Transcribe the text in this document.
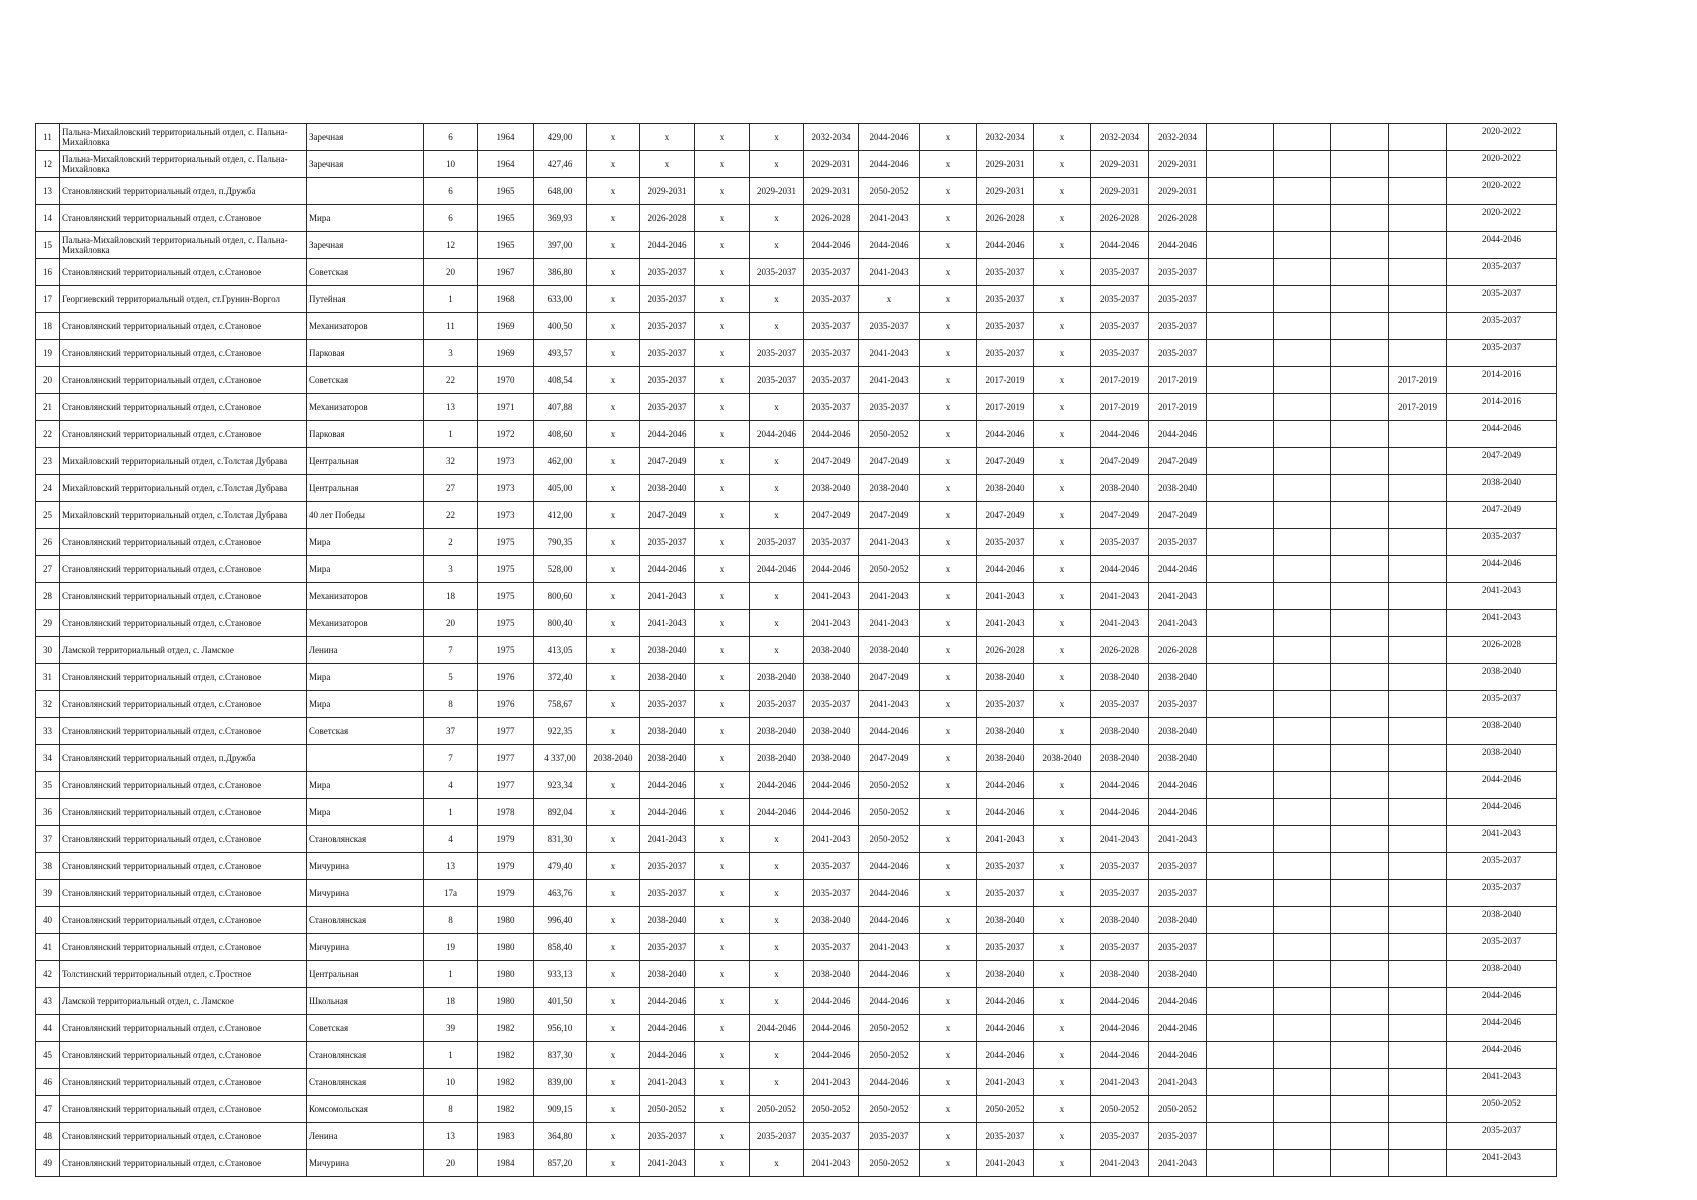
11	Пальна-Михайловский территориальный отдел, с. Пальна-Михайловка	Заречная	6	1964	429,00	х	х	х	х	2032-2034	2044-2046	х	2032-2034	х	2032-2034	2032-2034					2020-2022
12	Пальна-Михайловский территориальный отдел, с. Пальна-Михайловка	Заречная	10	1964	427,46	х	х	х	х	2029-2031	2044-2046	х	2029-2031	х	2029-2031	2029-2031					2020-2022
13	Становлянский территориальный отдел, п.Дружба		6	1965	648,00	х	2029-2031	х	2029-2031	2029-2031	2050-2052	х	2029-2031	х	2029-2031	2029-2031					2020-2022
14	Становлянский территориальный отдел, с.Становое	Мира	6	1965	369,93	х	2026-2028	х	х	2026-2028	2041-2043	х	2026-2028	х	2026-2028	2026-2028					2020-2022
15	Пальна-Михайловский территориальный отдел, с. Пальна-Михайловка	Заречная	12	1965	397,00	х	2044-2046	х	х	2044-2046	2044-2046	х	2044-2046	х	2044-2046	2044-2046					2044-2046
16	Становлянский территориальный отдел, с.Становое	Советская	20	1967	386,80	х	2035-2037	х	2035-2037	2035-2037	2041-2043	х	2035-2037	х	2035-2037	2035-2037					2035-2037
17	Георгиевский территориальный отдел, ст.Грунин-Воргол	Путейная	1	1968	633,00	х	2035-2037	х	х	2035-2037	х	х	2035-2037	х	2035-2037	2035-2037					2035-2037
18	Становлянский территориальный отдел, с.Становое	Механизаторов	11	1969	400,50	х	2035-2037	х	х	2035-2037	2035-2037	х	2035-2037	х	2035-2037	2035-2037					2035-2037
19	Становлянский территориальный отдел, с.Становое	Парковая	3	1969	493,57	х	2035-2037	х	2035-2037	2035-2037	2041-2043	х	2035-2037	х	2035-2037	2035-2037					2035-2037
20	Становлянский территориальный отдел, с.Становое	Советская	22	1970	408,54	х	2035-2037	х	2035-2037	2035-2037	2041-2043	х	2017-2019	х	2017-2019	2017-2019				2017-2019	2014-2016
21	Становлянский территориальный отдел, с.Становое	Механизаторов	13	1971	407,88	х	2035-2037	х	х	2035-2037	2035-2037	х	2017-2019	х	2017-2019	2017-2019				2017-2019	2014-2016
22	Становлянский территориальный отдел, с.Становое	Парковая	1	1972	408,60	х	2044-2046	х	2044-2046	2044-2046	2050-2052	х	2044-2046	х	2044-2046	2044-2046					2044-2046
23	Михайловский территориальный отдел, с.Толстая Дубрава	Центральная	32	1973	462,00	х	2047-2049	х	х	2047-2049	2047-2049	х	2047-2049	х	2047-2049	2047-2049					2047-2049
24	Михайловский территориальный отдел, с.Толстая Дубрава	Центральная	27	1973	405,00	х	2038-2040	х	х	2038-2040	2038-2040	х	2038-2040	х	2038-2040	2038-2040					2038-2040
25	Михайловский территориальный отдел, с.Толстая Дубрава	40 лет Победы	22	1973	412,00	х	2047-2049	х	х	2047-2049	2047-2049	х	2047-2049	х	2047-2049	2047-2049					2047-2049
26	Становлянский территориальный отдел, с.Становое	Мира	2	1975	790,35	х	2035-2037	х	2035-2037	2035-2037	2041-2043	х	2035-2037	х	2035-2037	2035-2037					2035-2037
27	Становлянский территориальный отдел, с.Становое	Мира	3	1975	528,00	х	2044-2046	х	2044-2046	2044-2046	2050-2052	х	2044-2046	х	2044-2046	2044-2046					2044-2046
28	Становлянский территориальный отдел, с.Становое	Механизаторов	18	1975	800,60	х	2041-2043	х	х	2041-2043	2041-2043	х	2041-2043	х	2041-2043	2041-2043					2041-2043
29	Становлянский территориальный отдел, с.Становое	Механизаторов	20	1975	800,40	х	2041-2043	х	х	2041-2043	2041-2043	х	2041-2043	х	2041-2043	2041-2043					2041-2043
30	Ламской территориальный отдел, с. Ламское	Ленина	7	1975	413,05	х	2038-2040	х	х	2038-2040	2038-2040	х	2026-2028	х	2026-2028	2026-2028					2026-2028
31	Становлянский территориальный отдел, с.Становое	Мира	5	1976	372,40	х	2038-2040	х	2038-2040	2038-2040	2047-2049	х	2038-2040	х	2038-2040	2038-2040					2038-2040
32	Становлянский территориальный отдел, с.Становое	Мира	8	1976	758,67	х	2035-2037	х	2035-2037	2035-2037	2041-2043	х	2035-2037	х	2035-2037	2035-2037					2035-2037
33	Становлянский территориальный отдел, с.Становое	Советская	37	1977	922,35	х	2038-2040	х	2038-2040	2038-2040	2044-2046	х	2038-2040	х	2038-2040	2038-2040					2038-2040
34	Становлянский территориальный отдел, п.Дружба		7	1977	4 337,00	2038-2040	2038-2040	х	2038-2040	2038-2040	2047-2049	х	2038-2040	2038-2040	2038-2040	2038-2040					2038-2040
35	Становлянский территориальный отдел, с.Становое	Мира	4	1977	923,34	х	2044-2046	х	2044-2046	2044-2046	2050-2052	х	2044-2046	х	2044-2046	2044-2046					2044-2046
36	Становлянский территориальный отдел, с.Становое	Мира	1	1978	892,04	х	2044-2046	х	2044-2046	2044-2046	2050-2052	х	2044-2046	х	2044-2046	2044-2046					2044-2046
37	Становлянский территориальный отдел, с.Становое	Становлянская	4	1979	831,30	х	2041-2043	х	х	2041-2043	2050-2052	х	2041-2043	х	2041-2043	2041-2043					2041-2043
38	Становлянский территориальный отдел, с.Становое	Мичурина	13	1979	479,40	х	2035-2037	х	х	2035-2037	2044-2046	х	2035-2037	х	2035-2037	2035-2037					2035-2037
39	Становлянский территориальный отдел, с.Становое	Мичурина	17а	1979	463,76	х	2035-2037	х	х	2035-2037	2044-2046	х	2035-2037	х	2035-2037	2035-2037					2035-2037
40	Становлянский территориальный отдел, с.Становое	Становлянская	8	1980	996,40	х	2038-2040	х	х	2038-2040	2044-2046	х	2038-2040	х	2038-2040	2038-2040					2038-2040
41	Становлянский территориальный отдел, с.Становое	Мичурина	19	1980	858,40	х	2035-2037	х	х	2035-2037	2041-2043	х	2035-2037	х	2035-2037	2035-2037					2035-2037
42	Толстинский территориальный отдел, с.Тростное	Центральная	1	1980	933,13	х	2038-2040	х	х	2038-2040	2044-2046	х	2038-2040	х	2038-2040	2038-2040					2038-2040
43	Ламской территориальный отдел, с. Ламское	Школьная	18	1980	401,50	х	2044-2046	х	х	2044-2046	2044-2046	х	2044-2046	х	2044-2046	2044-2046					2044-2046
44	Становлянский территориальный отдел, с.Становое	Советская	39	1982	956,10	х	2044-2046	х	2044-2046	2044-2046	2050-2052	х	2044-2046	х	2044-2046	2044-2046					2044-2046
45	Становлянский территориальный отдел, с.Становое	Становлянская	1	1982	837,30	х	2044-2046	х	х	2044-2046	2050-2052	х	2044-2046	х	2044-2046	2044-2046					2044-2046
46	Становлянский территориальный отдел, с.Становое	Становлянская	10	1982	839,00	х	2041-2043	х	х	2041-2043	2044-2046	х	2041-2043	х	2041-2043	2041-2043					2041-2043
47	Становлянский территориальный отдел, с.Становое	Комсомольская	8	1982	909,15	х	2050-2052	х	2050-2052	2050-2052	2050-2052	х	2050-2052	х	2050-2052	2050-2052					2050-2052
48	Становлянский территориальный отдел, с.Становое	Ленина	13	1983	364,80	х	2035-2037	х	2035-2037	2035-2037	2035-2037	х	2035-2037	х	2035-2037	2035-2037					2035-2037
49	Становлянский территориальный отдел, с.Становое	Мичурина	20	1984	857,20	х	2041-2043	х	х	2041-2043	2050-2052	х	2041-2043	х	2041-2043	2041-2043					2041-2043
